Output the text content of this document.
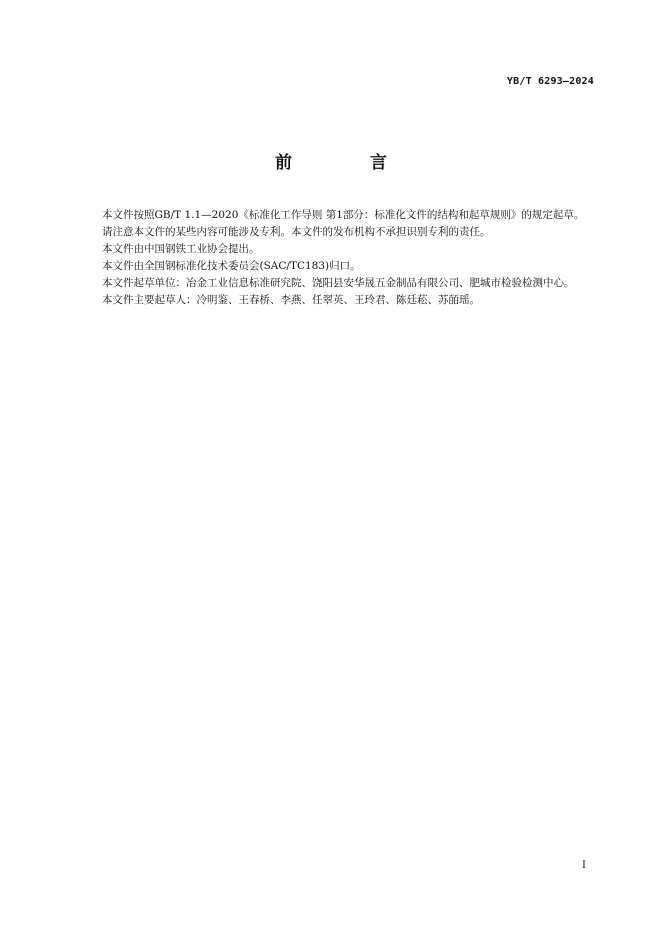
YB/T 6293—2024
前 言

本文件按照GB/T 1.1—2020《标准化工作导则 第1部分：标准化文件的结构和起草规则》的规定起草。

请注意本文件的某些内容可能涉及专利。本文件的发布机构不承担识别专利的责任。

本文件由中国钢铁工业协会提出。

本文件由全国钢标准化技术委员会(SAC/TC183)归口。

本文件起草单位：冶金工业信息标准研究院、饶阳县安华晟五金制品有限公司、肥城市检验检测中心。

本文件主要起草人：冷明鉴、王春桥、李燕、任翠英、王玲君、陈廷菘、苏皕瑶。

I
